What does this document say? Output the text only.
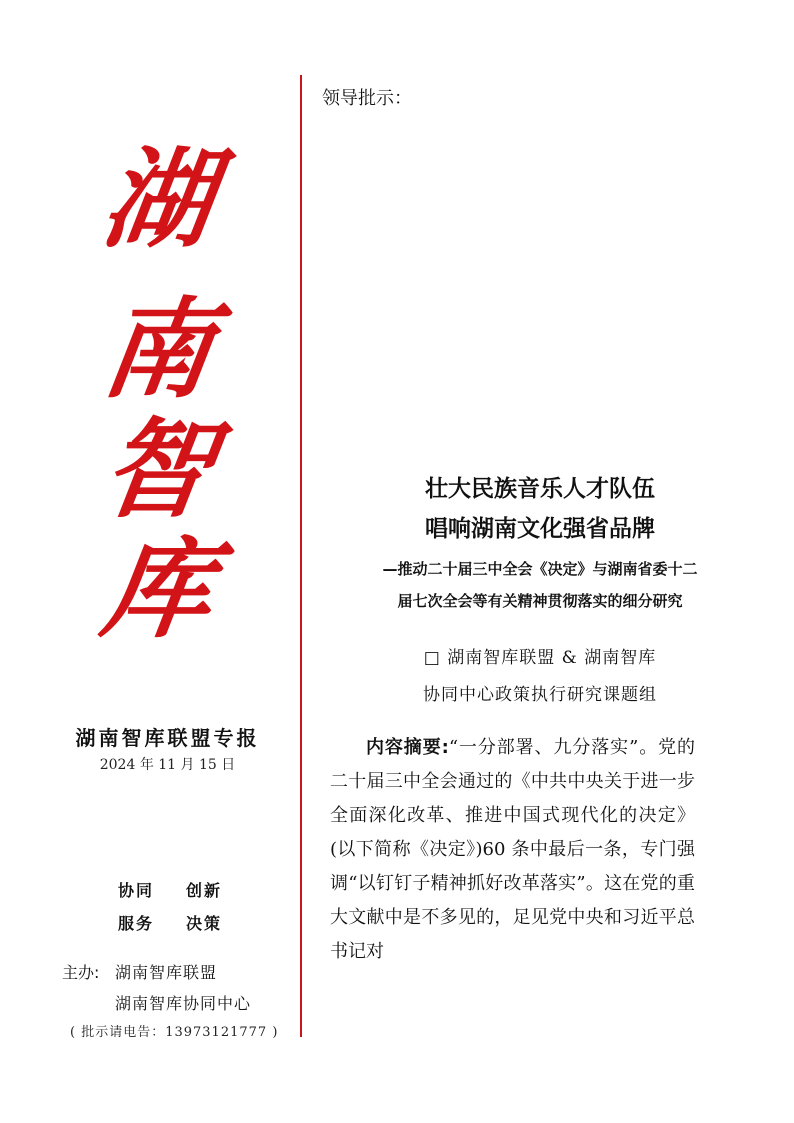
湖
南
智
库
湖南智库联盟专报
2024 年 11 月 15 日
协同 创新
服务 决策
主办: 湖南智库联盟
湖南智库协同中心
( 批示请电告：13973121777 )
领导批示：
壮大民族音乐人才队伍
唱响湖南文化强省品牌
—推动二十届三中全会《决定》与湖南省委十二
届七次全会等有关精神贯彻落实的细分研究
□ 湖南智库联盟 & 湖南智库
协同中心政策执行研究课题组

内容摘要:“一分部署、九分落实”。党的二十届三中全会通过的《中共中央关于进一步全面深化改革、推进中国式现代化的决定》(以下简称《决定》)60 条中最后一条，专门强调“以钉钉子精神抓好改革落实”。这在党的重大文献中是不多见的，足见党中央和习近平总书记对
